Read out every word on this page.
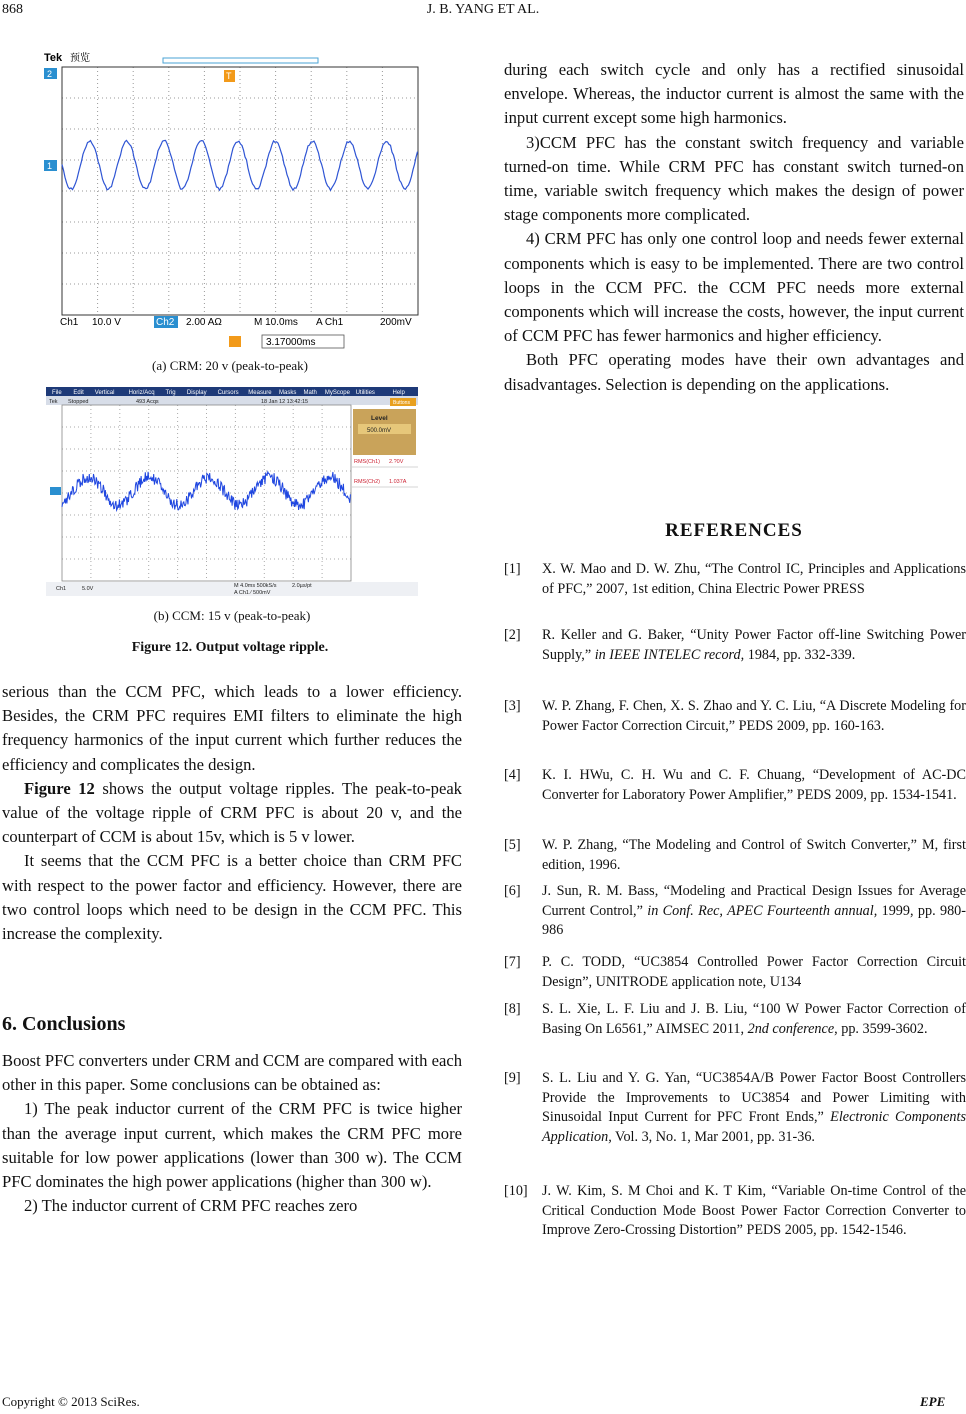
868	J. B. YANG ET AL.
Tek 预览
2
1
T
Ch1 10.0 V	Ch2 2.00 AΩ	M 10.0ms A Ch1	200mV
3.17000ms
(a) CRM: 20 v (peak-to-peak)
File Edit Vertical Horiz/Acq Trig Display Cursors Measure Masks Math MyScope Utilities	Help
Tek Stopped	493 Acqs	18 Jan 12 13:42:15	Buttons
Level
500.0mV
RMS(Ch1) 2.?0V
RMS(Ch2) 1.037A
Ch1	5.0V	M 4.0ms 500kS/s
A Ch1 ⁄ 500mV
2.0µs/pt
(b) CCM: 15 v (peak-to-peak)
Figure 12. Output voltage ripple.

serious than the CCM PFC, which leads to a lower efficiency. Besides, the CRM PFC requires EMI filters to eliminate the high frequency harmonics of the input current which further reduces the efficiency and complicates the design.

Figure 12 shows the output voltage ripples. The peak-to-peak value of the voltage ripple of CRM PFC is about 20 v, and the counterpart of CCM is about 15v, which is 5 v lower.

It seems that the CCM PFC is a better choice than CRM PFC with respect to the power factor and efficiency. However, there are two control loops which need to be design in the CCM PFC. This increase the complexity.

6. Conclusions

Boost PFC converters under CRM and CCM are compared with each other in this paper. Some conclusions can be obtained as:

1) The peak inductor current of the CRM PFC is twice higher than the average input current, which makes the CRM PFC more suitable for low power applications (lower than 300 w). The CCM PFC dominates the high power applications (higher than 300 w).

2) The inductor current of CRM PFC reaches zero

during each switch cycle and only has a rectified sinusoidal envelope. Whereas, the inductor current is almost the same with the input current except some high harmonics.

3)CCM PFC has the constant switch frequency and variable turned-on time. While CRM PFC has constant switch turned-on time, variable switch frequency which makes the design of power stage components more complicated.

4) CRM PFC has only one control loop and needs fewer external components which is easy to be implemented. There are two control loops in the CCM PFC. the CCM PFC needs more external components which will increase the costs, however, the input current of CCM PFC has fewer harmonics and higher efficiency.

Both PFC operating modes have their own advantages and disadvantages. Selection is depending on the applications.

REFERENCES
[1] X. W. Mao and D. W. Zhu, “The Control IC, Principles and Applications of PFC,” 2007, 1st edition, China Electric Power PRESS
[2] R. Keller and G. Baker, “Unity Power Factor off-line Switching Power Supply,” in IEEE INTELEC record, 1984, pp. 332-339.
[3] W. P. Zhang, F. Chen, X. S. Zhao and Y. C. Liu, “A Discrete Modeling for Power Factor Correction Circuit,” PEDS 2009, pp. 160-163.
[4] K. I. HWu, C. H. Wu and C. F. Chuang, “Development of AC-DC Converter for Laboratory Power Amplifier,” PEDS 2009, pp. 1534-1541.
[5] W. P. Zhang, “The Modeling and Control of Switch Converter,” M, first edition, 1996.
[6] J. Sun, R. M. Bass, “Modeling and Practical Design Issues for Average Current Control,” in Conf. Rec, APEC Fourteenth annual, 1999, pp. 980-986
[7] P. C. TODD, “UC3854 Controlled Power Factor Correction Circuit Design”, UNITRODE application note, U134
[8] S. L. Xie, L. F. Liu and J. B. Liu, “100 W Power Factor Correction of Basing On L6561,” AIMSEC 2011, 2nd conference, pp. 3599-3602.
[9] S. L. Liu and Y. G. Yan, “UC3854A/B Power Factor Boost Controllers Provide the Improvements to UC3854 and Power Limiting with Sinusoidal Input Current for PFC Front Ends,” Electronic Components Application, Vol. 3, No. 1, Mar 2001, pp. 31-36.
[10] J. W. Kim, S. M Choi and K. T Kim, “Variable On-time Control of the Critical Conduction Mode Boost Power Factor Correction Converter to Improve Zero-Crossing Distortion” PEDS 2005, pp. 1542-1546.
Copyright © 2013 SciRes.	EPE
